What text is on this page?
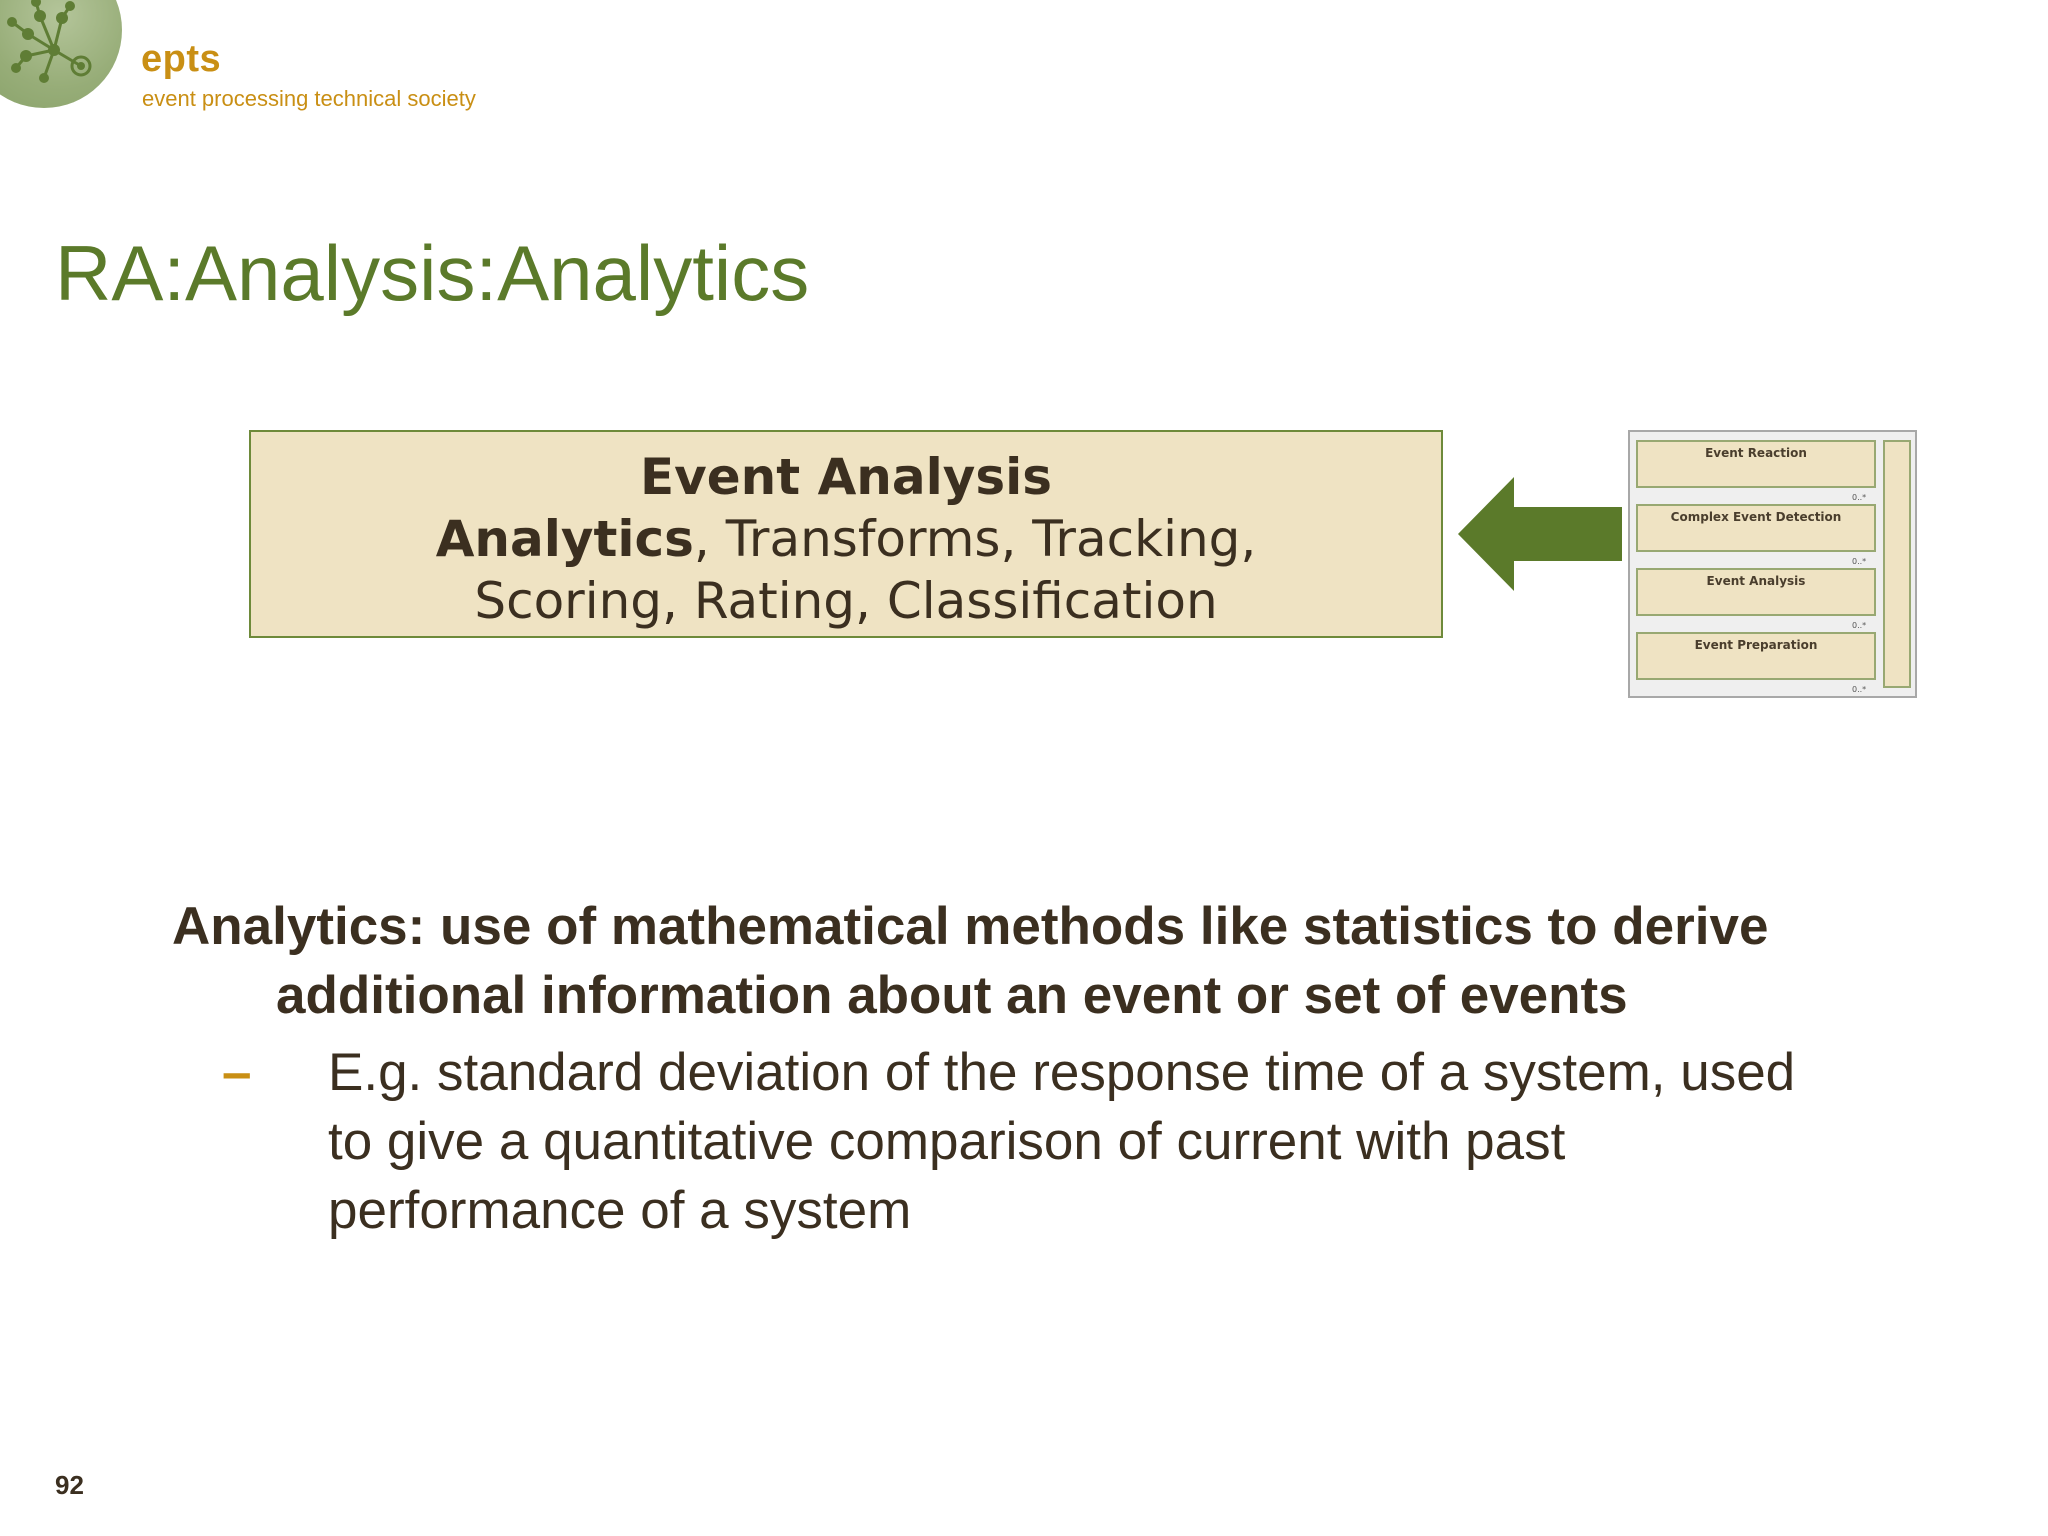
epts
event processing technical society
RA:Analysis:Analytics
Event Analysis
Analytics, Transforms, Tracking,
Scoring, Rating, Classification
Event Reaction
0..*
Complex Event Detection
0..*
Event Analysis
0..*
Event Preparation
0..*

Analytics: use of mathematical methods like statistics to derive additional information about an event or set of events

– E.g. standard deviation of the response time of a system, used to give a quantitative comparison of current with past performance of a system
92
